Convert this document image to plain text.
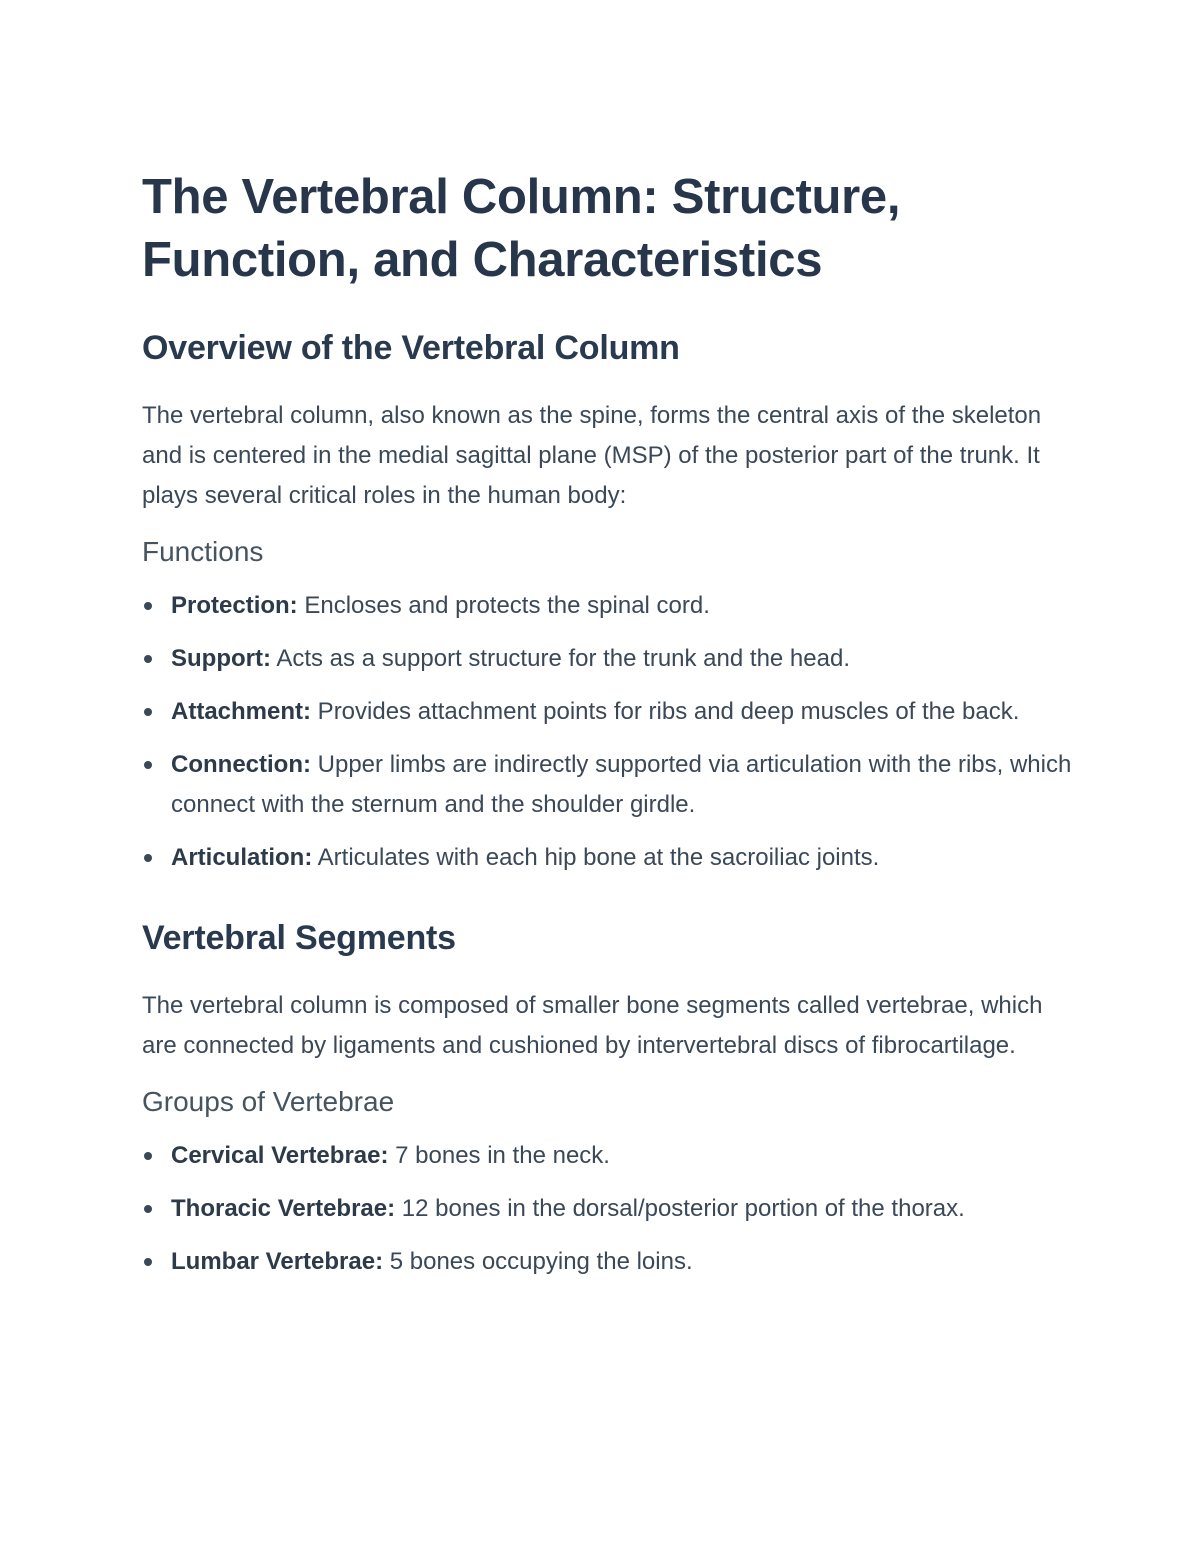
The Vertebral Column: Structure, Function, and Characteristics
Overview of the Vertebral Column

The vertebral column, also known as the spine, forms the central axis of the skeleton and is centered in the medial sagittal plane (MSP) of the posterior part of the trunk. It plays several critical roles in the human body:

Functions
Protection: Encloses and protects the spinal cord.
Support: Acts as a support structure for the trunk and the head.
Attachment: Provides attachment points for ribs and deep muscles of the back.
Connection: Upper limbs are indirectly supported via articulation with the ribs, which connect with the sternum and the shoulder girdle.
Articulation: Articulates with each hip bone at the sacroiliac joints.
Vertebral Segments

The vertebral column is composed of smaller bone segments called vertebrae, which are connected by ligaments and cushioned by intervertebral discs of fibrocartilage.

Groups of Vertebrae
Cervical Vertebrae: 7 bones in the neck.
Thoracic Vertebrae: 12 bones in the dorsal/posterior portion of the thorax.
Lumbar Vertebrae: 5 bones occupying the loins.
